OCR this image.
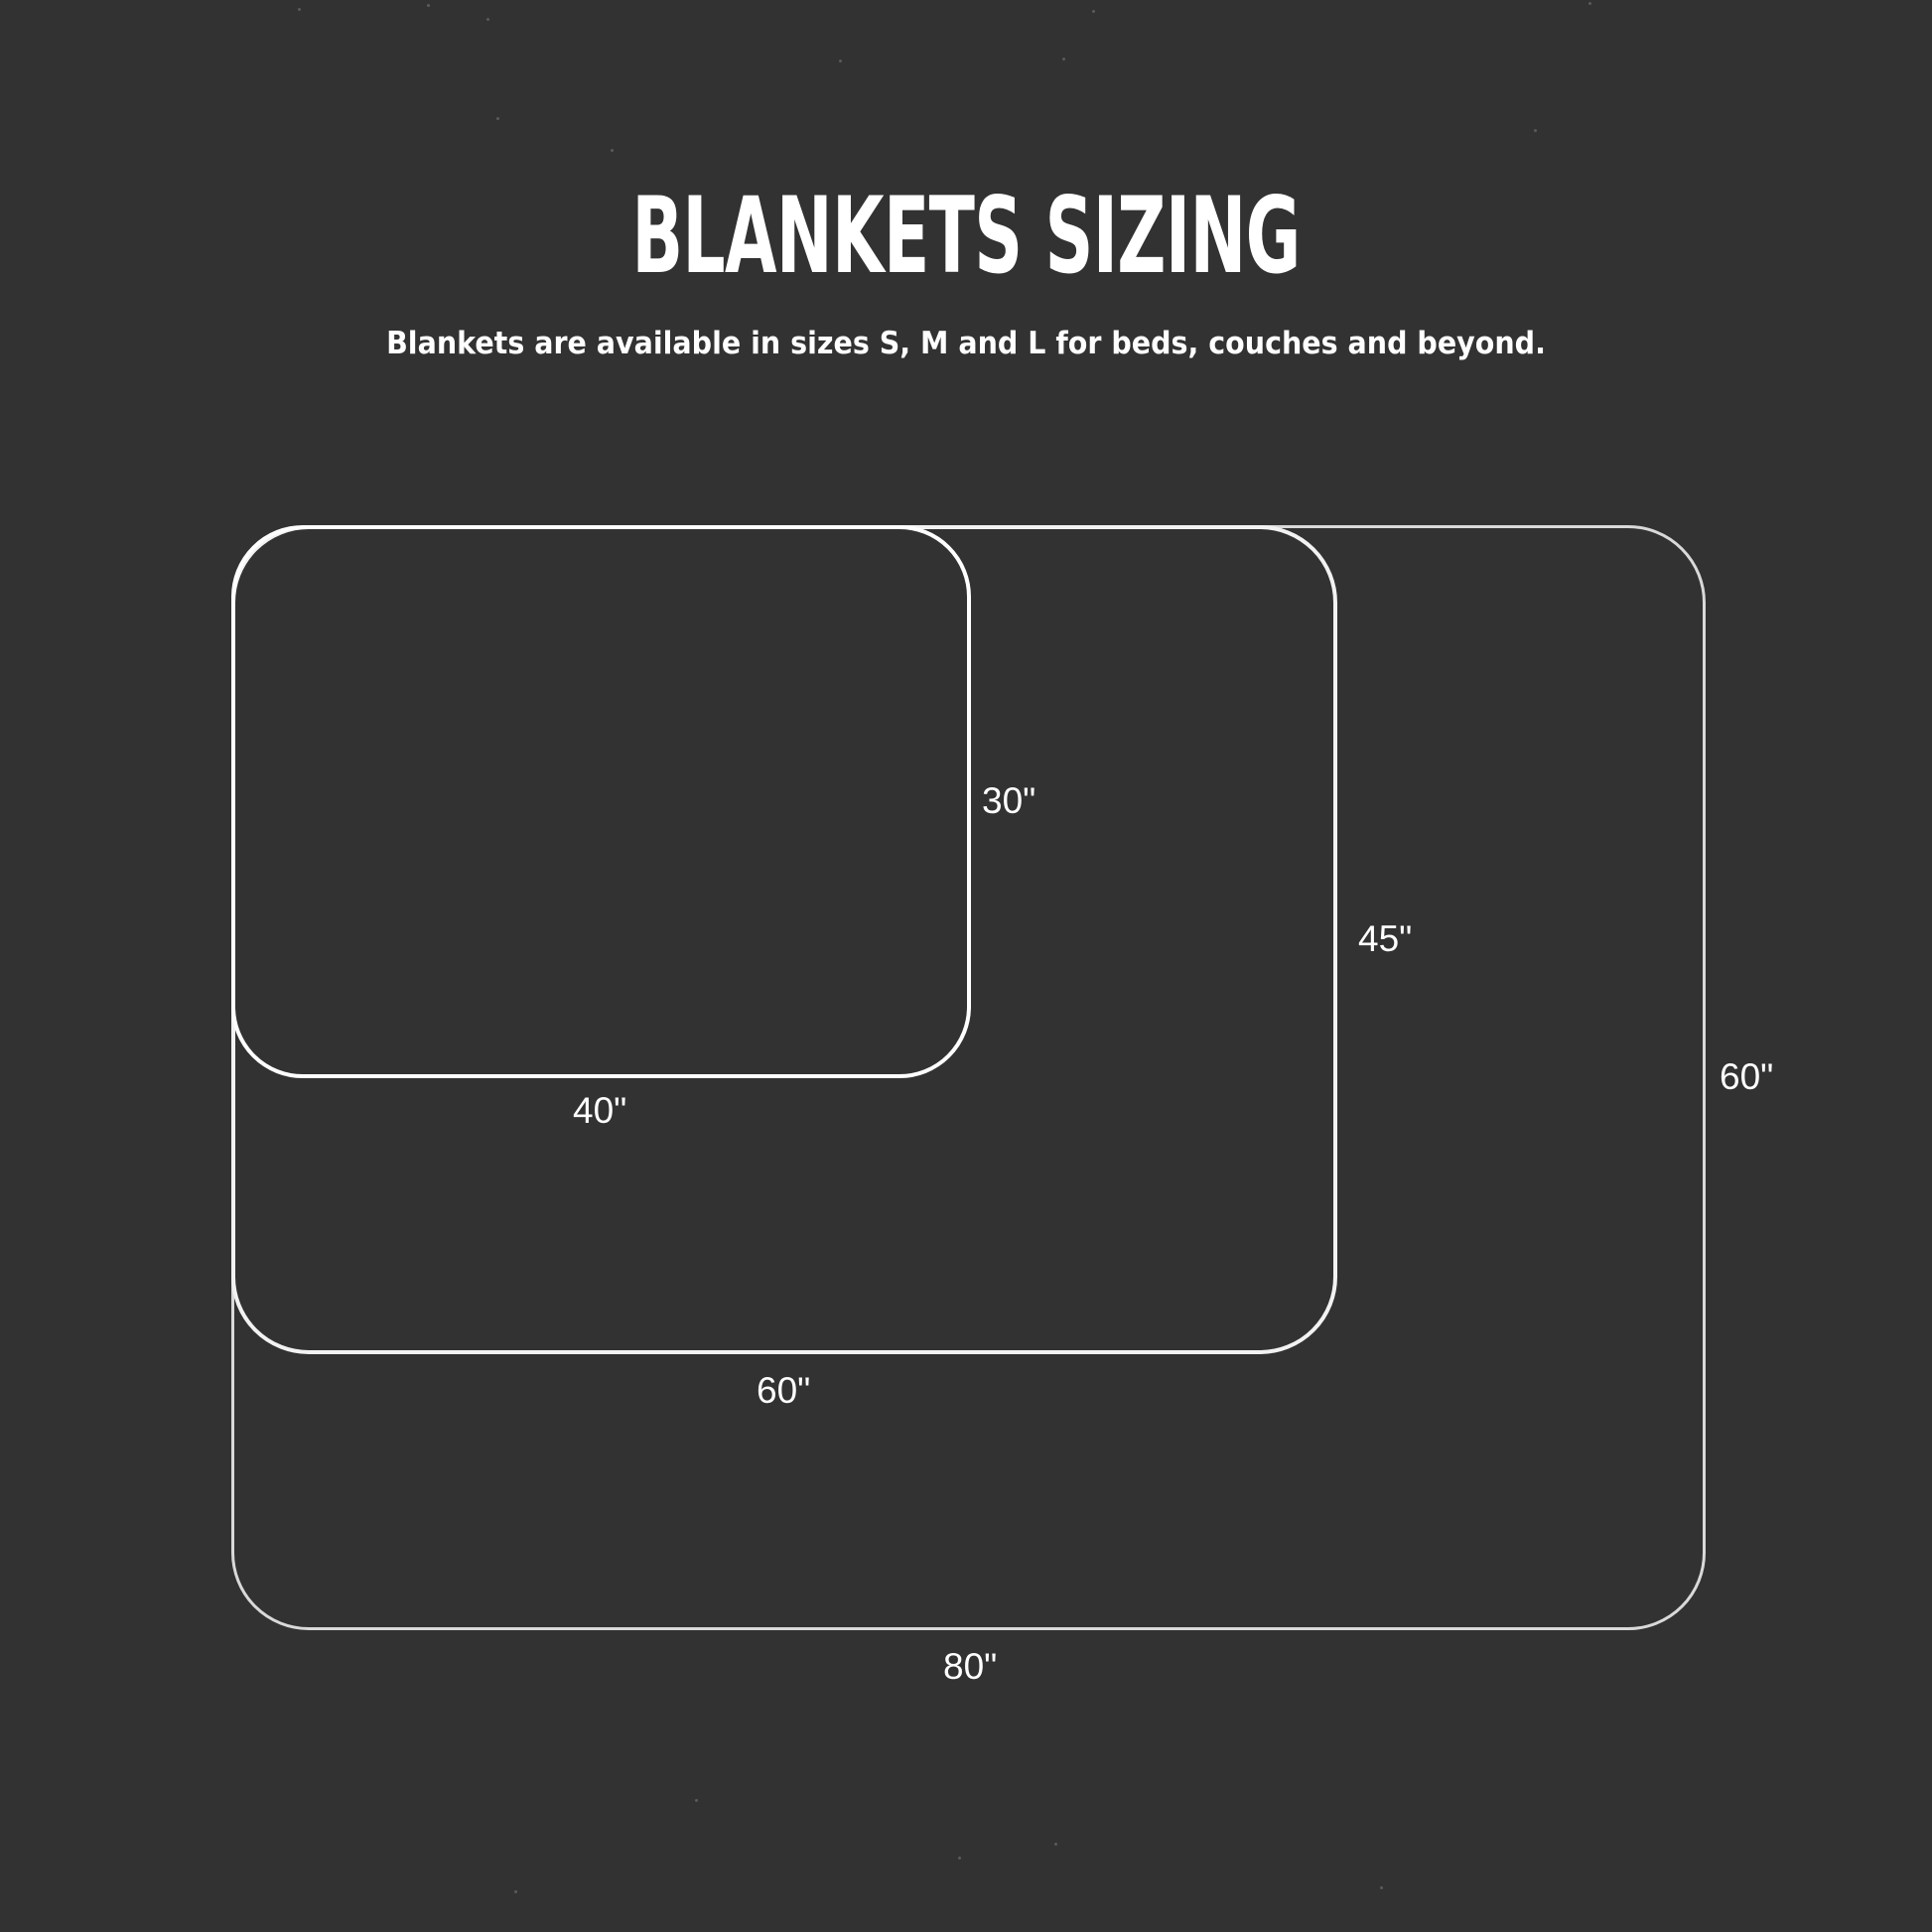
BLANKETS SIZING

Blankets are available in sizes S, M and L for beds, couches and beyond.

30"
40"
45"
60"
60"
80"
